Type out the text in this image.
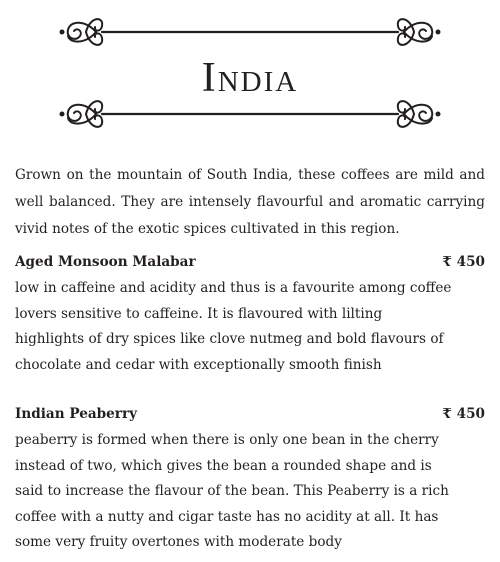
India

Grown on the mountain of South India, these coffees are mild and well balanced. They are intensely flavourful and aromatic carrying vivid notes of the exotic spices cultivated in this region.

Aged Monsoon Malabar	₹ 450
low in caffeine and acidity and thus is a favourite among coffee lovers sensitive to caffeine. It is flavoured with lilting highlights of dry spices like clove nutmeg and bold flavours of chocolate and cedar with exceptionally smooth finish
Indian Peaberry	₹ 450
peaberry is formed when there is only one bean in the cherry instead of two, which gives the bean a rounded shape and is said to increase the flavour of the bean. This Peaberry is a rich coffee with a nutty and cigar taste has no acidity at all. It has some very fruity overtones with moderate body
